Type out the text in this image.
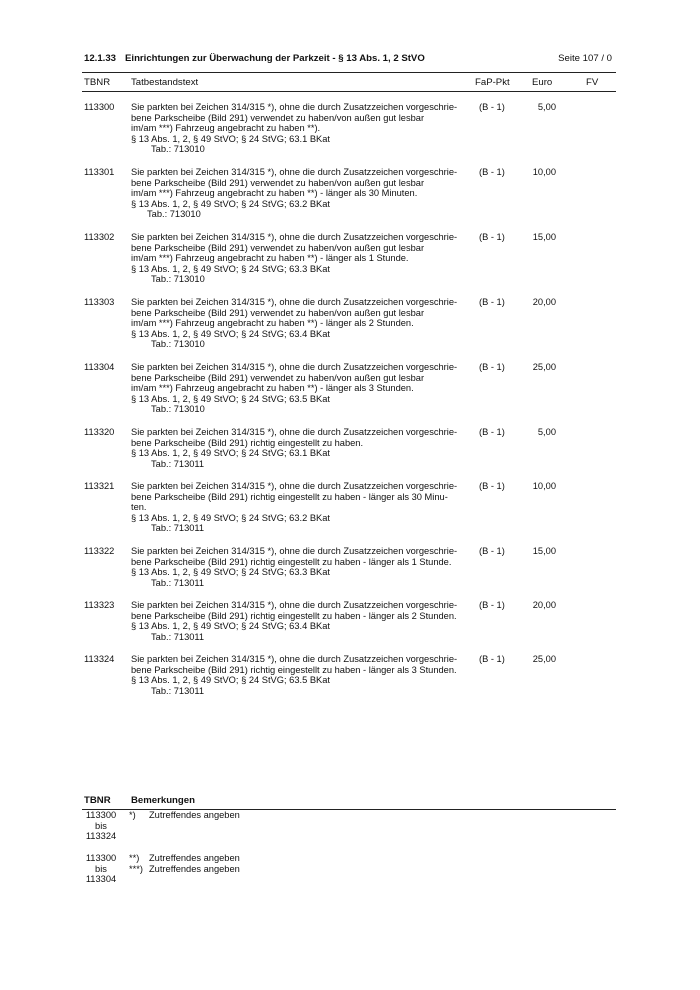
12.1.33 Einrichtungen zur Überwachung der Parkzeit - § 13 Abs. 1, 2 StVO	Seite 107 / 0
TBNR Tatbestandstext	FaP-Pkt Euro	FV
113300 Sie parkten bei Zeichen 314/315 *), ohne die durch Zusatzzeichen vorgeschrie-
bene Parkscheibe (Bild 291) verwendet zu haben/von außen gut lesbar
im/am ***) Fahrzeug angebracht zu haben **).
§ 13 Abs. 1, 2, § 49 StVO; § 24 StVG; 63.1 BKat
Tab.: 713010
(B - 1)	5,00
113301 Sie parkten bei Zeichen 314/315 *), ohne die durch Zusatzzeichen vorgeschrie-
bene Parkscheibe (Bild 291) verwendet zu haben/von außen gut lesbar
im/am ***) Fahrzeug angebracht zu haben **) - länger als 30 Minuten.
§ 13 Abs. 1, 2, § 49 StVO; § 24 StVG; 63.2 BKat
Tab.: 713010
(B - 1)	10,00
113302 Sie parkten bei Zeichen 314/315 *), ohne die durch Zusatzzeichen vorgeschrie-
bene Parkscheibe (Bild 291) verwendet zu haben/von außen gut lesbar
im/am ***) Fahrzeug angebracht zu haben **) - länger als 1 Stunde.
§ 13 Abs. 1, 2, § 49 StVO; § 24 StVG; 63.3 BKat
Tab.: 713010
(B - 1)	15,00
113303 Sie parkten bei Zeichen 314/315 *), ohne die durch Zusatzzeichen vorgeschrie-
bene Parkscheibe (Bild 291) verwendet zu haben/von außen gut lesbar
im/am ***) Fahrzeug angebracht zu haben **) - länger als 2 Stunden.
§ 13 Abs. 1, 2, § 49 StVO; § 24 StVG; 63.4 BKat
Tab.: 713010
(B - 1)	20,00
113304 Sie parkten bei Zeichen 314/315 *), ohne die durch Zusatzzeichen vorgeschrie-
bene Parkscheibe (Bild 291) verwendet zu haben/von außen gut lesbar
im/am ***) Fahrzeug angebracht zu haben **) - länger als 3 Stunden.
§ 13 Abs. 1, 2, § 49 StVO; § 24 StVG; 63.5 BKat
Tab.: 713010
(B - 1)	25,00
113320 Sie parkten bei Zeichen 314/315 *), ohne die durch Zusatzzeichen vorgeschrie-
bene Parkscheibe (Bild 291) richtig eingestellt zu haben.
§ 13 Abs. 1, 2, § 49 StVO; § 24 StVG; 63.1 BKat
Tab.: 713011
(B - 1)	5,00
113321 Sie parkten bei Zeichen 314/315 *), ohne die durch Zusatzzeichen vorgeschrie-
bene Parkscheibe (Bild 291) richtig eingestellt zu haben - länger als 30 Minu-
ten.
§ 13 Abs. 1, 2, § 49 StVO; § 24 StVG; 63.2 BKat
Tab.: 713011
(B - 1)	10,00
113322 Sie parkten bei Zeichen 314/315 *), ohne die durch Zusatzzeichen vorgeschrie-
bene Parkscheibe (Bild 291) richtig eingestellt zu haben - länger als 1 Stunde.
§ 13 Abs. 1, 2, § 49 StVO; § 24 StVG; 63.3 BKat
Tab.: 713011
(B - 1)	15,00
113323 Sie parkten bei Zeichen 314/315 *), ohne die durch Zusatzzeichen vorgeschrie-
bene Parkscheibe (Bild 291) richtig eingestellt zu haben - länger als 2 Stunden.
§ 13 Abs. 1, 2, § 49 StVO; § 24 StVG; 63.4 BKat
Tab.: 713011
(B - 1)	20,00
113324 Sie parkten bei Zeichen 314/315 *), ohne die durch Zusatzzeichen vorgeschrie-
bene Parkscheibe (Bild 291) richtig eingestellt zu haben - länger als 3 Stunden.
§ 13 Abs. 1, 2, § 49 StVO; § 24 StVG; 63.5 BKat
Tab.: 713011
(B - 1)	25,00
TBNR Bemerkungen
113300
bis
113324
*) Zutreffendes angeben
113300
bis
113304
**) Zutreffendes angeben
***) Zutreffendes angeben
